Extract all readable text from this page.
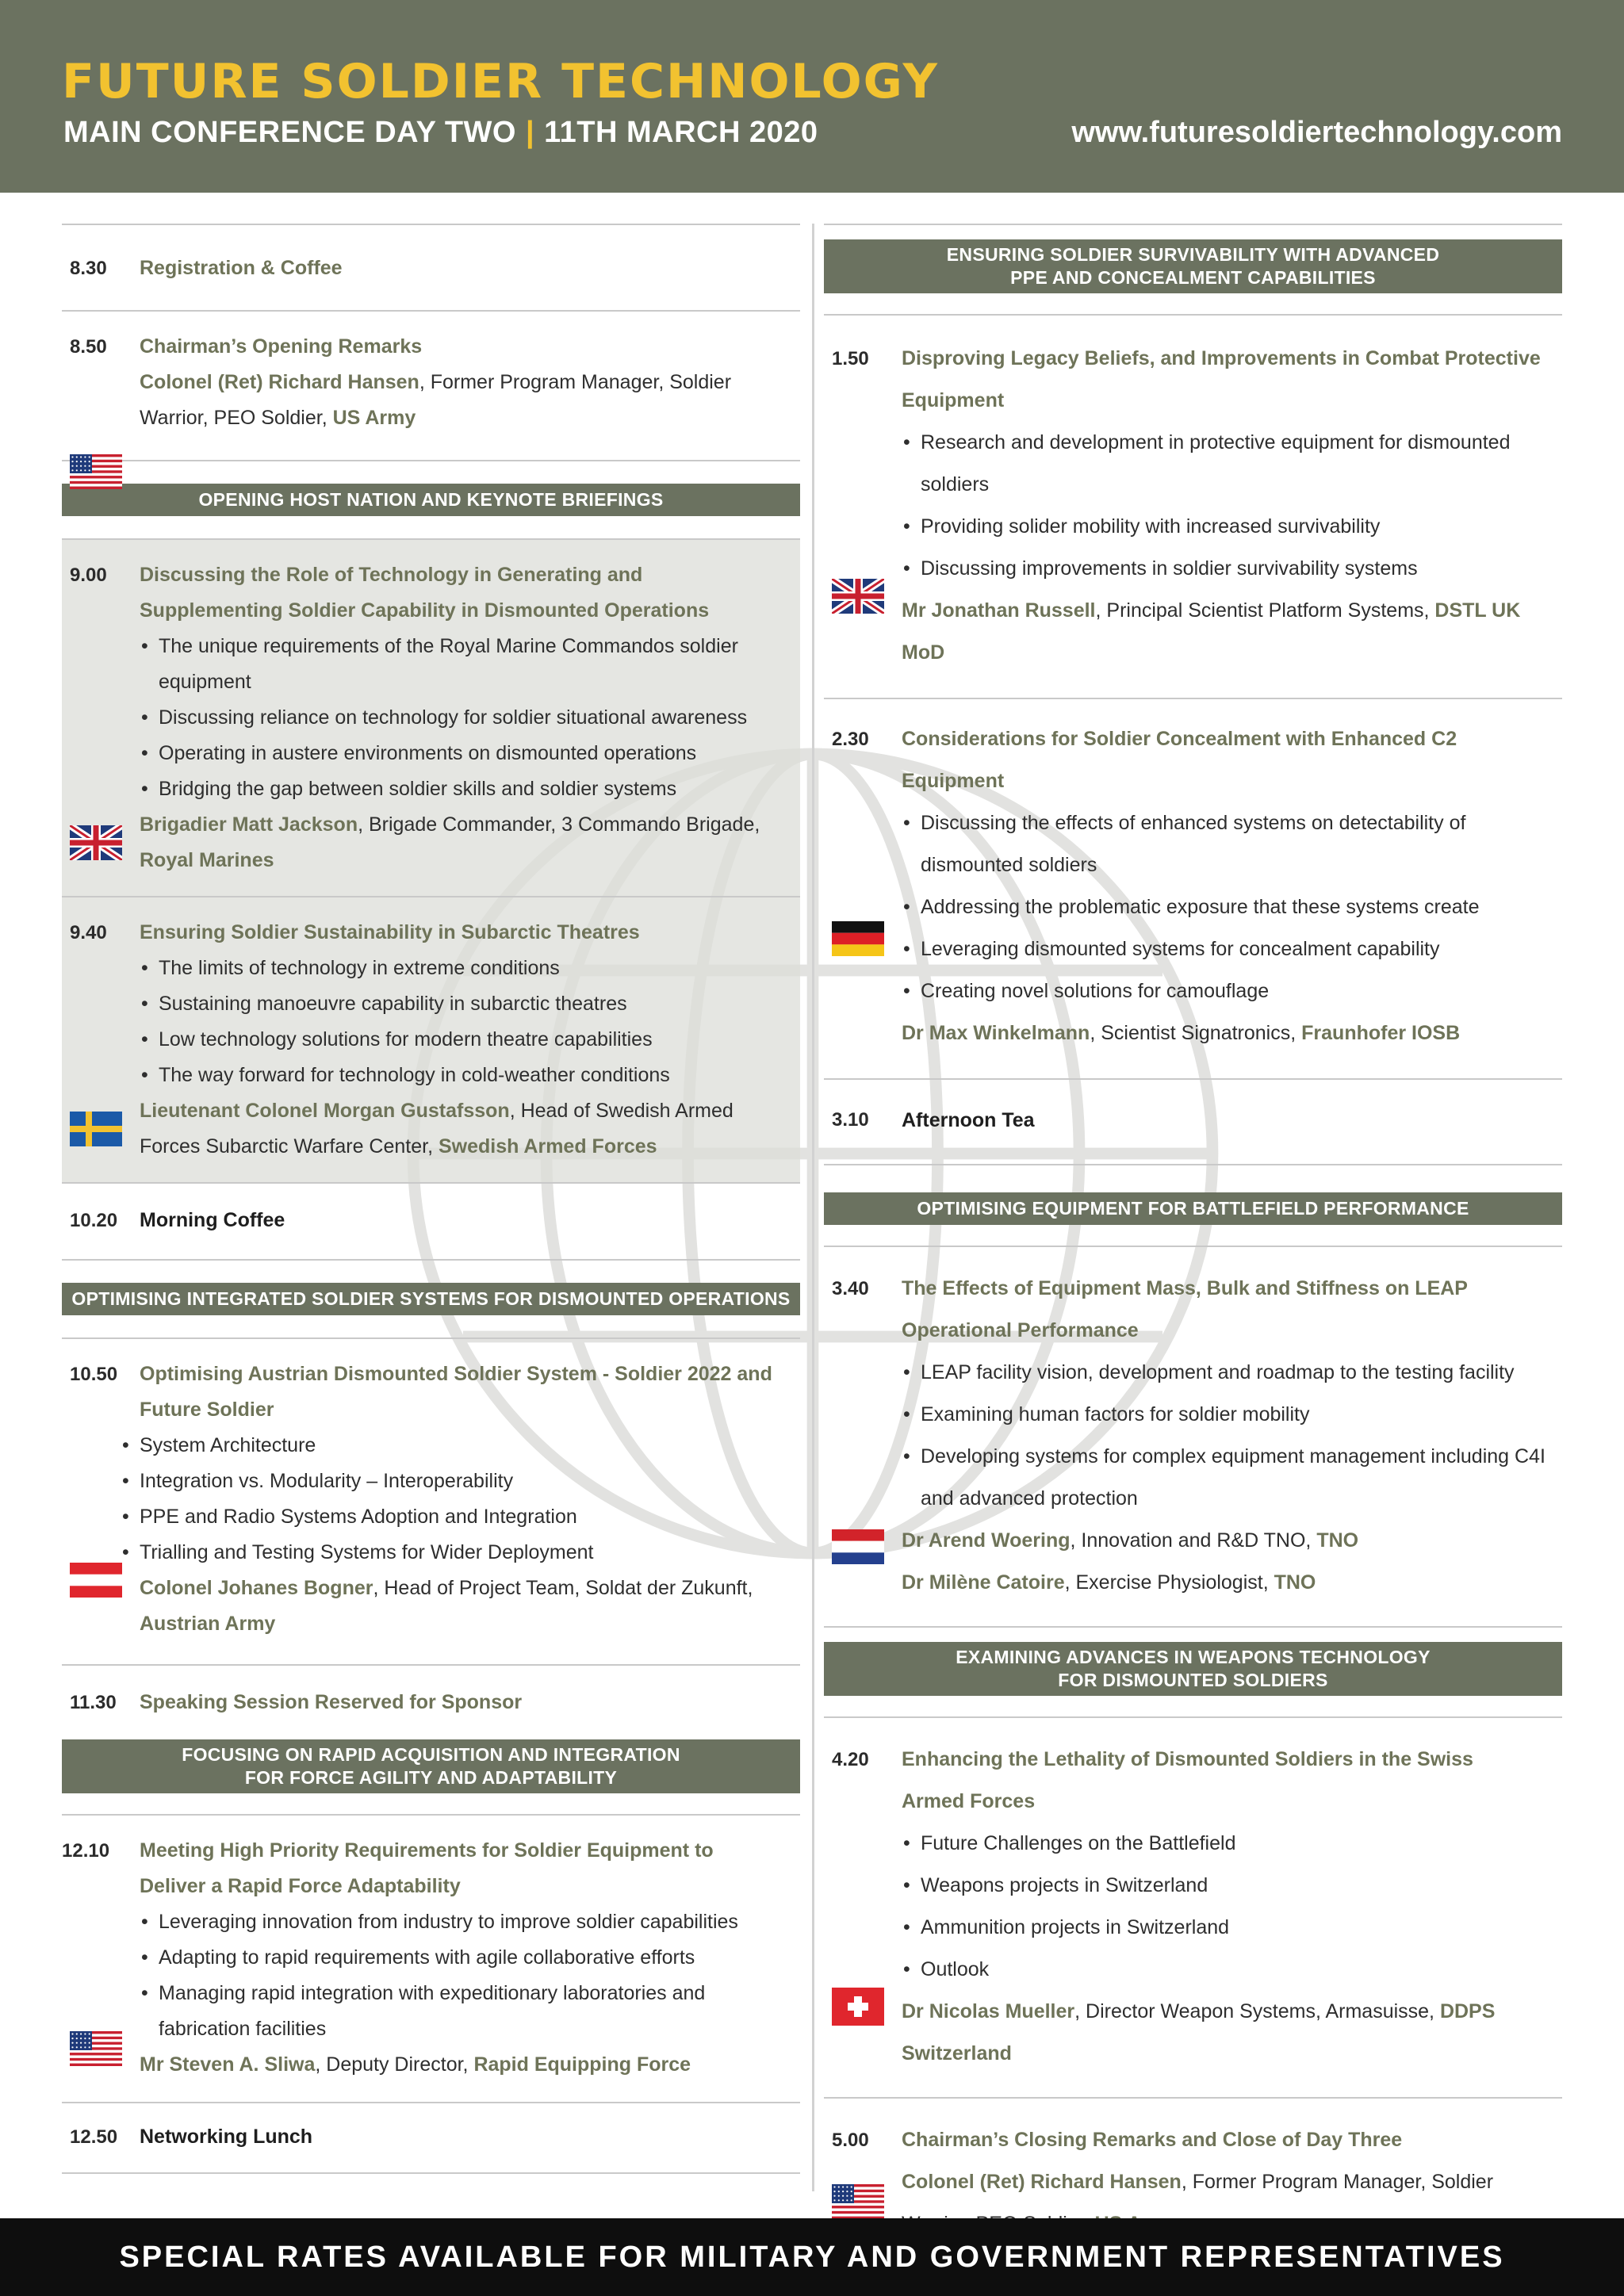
FUTURE SOLDIER TECHNOLOGY
MAIN CONFERENCE DAY TWO | 11TH MARCH 2020	www.futuresoldiertechnology.com
8.30	Registration & Coffee
8.50	Chairman’s Opening Remarks
Colonel (Ret) Richard Hansen, Former Program Manager, Soldier Warrior, PEO Soldier, US Army
OPENING HOST NATION AND KEYNOTE BRIEFINGS
9.00	Discussing the Role of Technology in Generating and Supplementing Soldier Capability in Dismounted Operations
• The unique requirements of the Royal Marine Commandos soldier equipment
• Discussing reliance on technology for soldier situational awareness
• Operating in austere environments on dismounted operations
• Bridging the gap between soldier skills and soldier systems
Brigadier Matt Jackson, Brigade Commander, 3 Commando Brigade, Royal Marines
9.40	Ensuring Soldier Sustainability in Subarctic Theatres
• The limits of technology in extreme conditions
• Sustaining manoeuvre capability in subarctic theatres
• Low technology solutions for modern theatre capabilities
• The way forward for technology in cold-weather conditions
Lieutenant Colonel Morgan Gustafsson, Head of Swedish Armed Forces Subarctic Warfare Center, Swedish Armed Forces
10.20	Morning Coffee
OPTIMISING INTEGRATED SOLDIER SYSTEMS FOR DISMOUNTED OPERATIONS
10.50	Optimising Austrian Dismounted Soldier System - Soldier 2022 and Future Soldier
• System Architecture
• Integration vs. Modularity – Interoperability
• PPE and Radio Systems Adoption and Integration
• Trialling and Testing Systems for Wider Deployment
Colonel Johanes Bogner, Head of Project Team, Soldat der Zukunft, Austrian Army
11.30	Speaking Session Reserved for Sponsor
FOCUSING ON RAPID ACQUISITION AND INTEGRATION
FOR FORCE AGILITY AND ADAPTABILITY
12.10	Meeting High Priority Requirements for Soldier Equipment to Deliver a Rapid Force Adaptability
• Leveraging innovation from industry to improve soldier capabilities
• Adapting to rapid requirements with agile collaborative efforts
• Managing rapid integration with expeditionary laboratories and fabrication facilities
Mr Steven A. Sliwa, Deputy Director, Rapid Equipping Force
12.50	Networking Lunch
ENSURING SOLDIER SURVIVABILITY WITH ADVANCED
PPE AND CONCEALMENT CAPABILITIES
1.50	Disproving Legacy Beliefs, and Improvements in Combat Protective Equipment
• Research and development in protective equipment for dismounted soldiers
• Providing solider mobility with increased survivability
• Discussing improvements in soldier survivability systems
Mr Jonathan Russell, Principal Scientist Platform Systems, DSTL UK MoD
2.30	Considerations for Soldier Concealment with Enhanced C2 Equipment
• Discussing the effects of enhanced systems on detectability of dismounted soldiers
• Addressing the problematic exposure that these systems create
• Leveraging dismounted systems for concealment capability
• Creating novel solutions for camouflage
Dr Max Winkelmann, Scientist Signatronics, Fraunhofer IOSB
3.10	Afternoon Tea
OPTIMISING EQUIPMENT FOR BATTLEFIELD PERFORMANCE
3.40	The Effects of Equipment Mass, Bulk and Stiffness on LEAP Operational Performance
• LEAP facility vision, development and roadmap to the testing facility
• Examining human factors for soldier mobility
• Developing systems for complex equipment management including C4I and advanced protection
Dr Arend Woering, Innovation and R&D TNO, TNO
Dr Milène Catoire, Exercise Physiologist, TNO
EXAMINING ADVANCES IN WEAPONS TECHNOLOGY
FOR DISMOUNTED SOLDIERS
4.20	Enhancing the Lethality of Dismounted Soldiers in the Swiss Armed Forces
• Future Challenges on the Battlefield
• Weapons projects in Switzerland
• Ammunition projects in Switzerland
• Outlook
Dr Nicolas Mueller, Director Weapon Systems, Armasuisse, DDPS Switzerland
5.00	Chairman’s Closing Remarks and Close of Day Three
Colonel (Ret) Richard Hansen, Former Program Manager, Soldier
SPECIAL RATES AVAILABLE FOR MILITARY AND GOVERNMENT REPRESENTATIVES
